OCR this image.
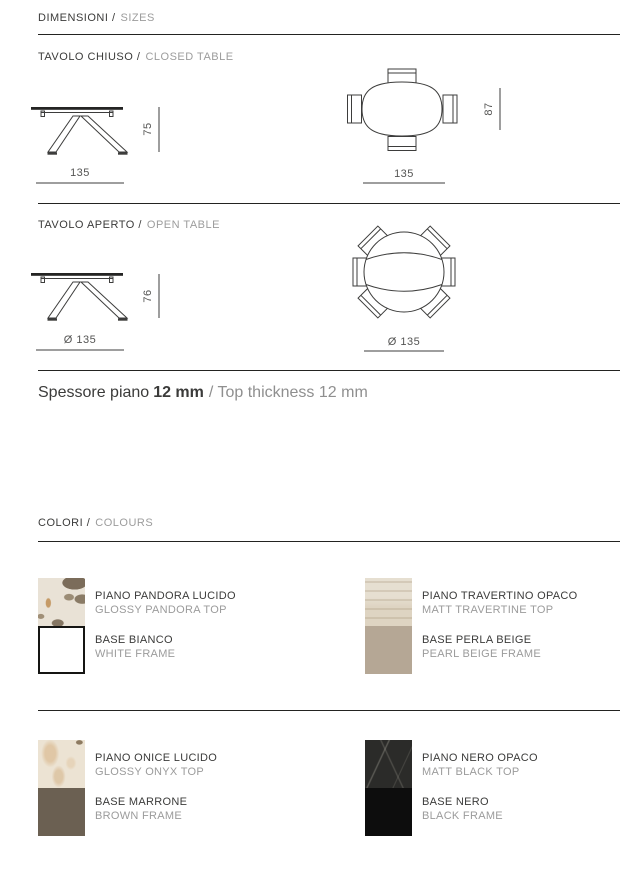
DIMENSIONI / SIZES
TAVOLO CHIUSO / CLOSED TABLE
135
75
87
135
TAVOLO APERTO / OPEN TABLE
Ø 135
76
Ø 135
Spessore piano 12 mm / Top thickness 12 mm
COLORI / COLOURS
PIANO PANDORA LUCIDO
GLOSSY PANDORA TOP
BASE BIANCO
WHITE FRAME
PIANO TRAVERTINO OPACO
MATT TRAVERTINE TOP
BASE PERLA BEIGE
PEARL BEIGE FRAME
PIANO ONICE LUCIDO
GLOSSY ONYX TOP
BASE MARRONE
BROWN FRAME
PIANO NERO OPACO
MATT BLACK TOP
BASE NERO
BLACK FRAME
